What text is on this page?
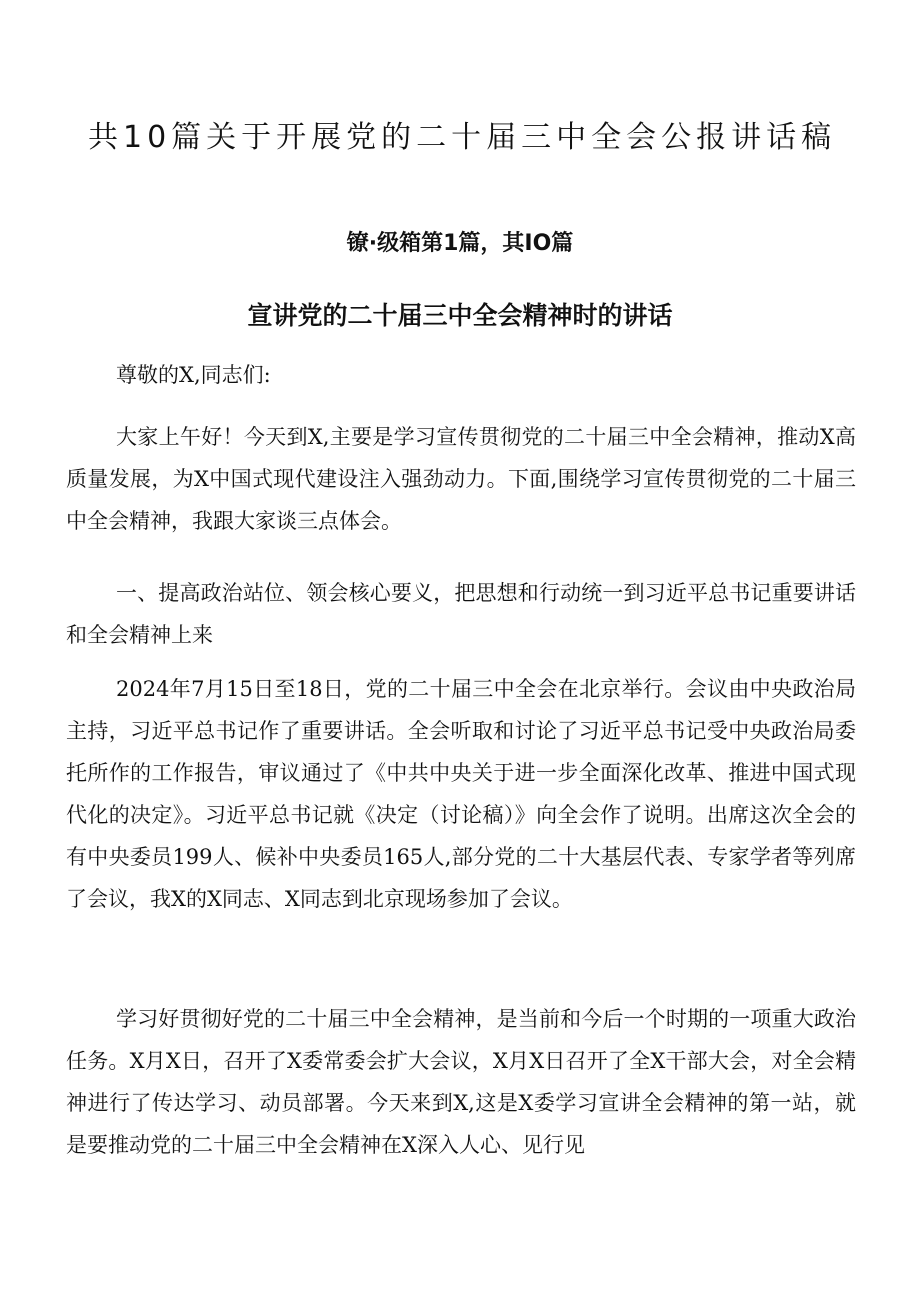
共10篇关于开展党的二十届三中全会公报讲话稿
镣·级箱第1篇，其IO篇
宣讲党的二十届三中全会精神时的讲话

尊敬的X,同志们:

大家上午好！今天到X,主要是学习宣传贯彻党的二十届三中全会精神，推动X高质量发展，为X中国式现代建设注入强劲动力。下面,围绕学习宣传贯彻党的二十届三中全会精神，我跟大家谈三点体会。

一、提高政治站位、领会核心要义，把思想和行动统一到习近平总书记重要讲话和全会精神上来

2024年7月15日至18日，党的二十届三中全会在北京举行。会议由中央政治局主持，习近平总书记作了重要讲话。全会听取和讨论了习近平总书记受中央政治局委托所作的工作报告，审议通过了《中共中央关于进一步全面深化改革、推进中国式现代化的决定》。习近平总书记就《决定（讨论稿）》向全会作了说明。出席这次全会的有中央委员199人、候补中央委员165人,部分党的二十大基层代表、专家学者等列席了会议，我X的X同志、X同志到北京现场参加了会议。

学习好贯彻好党的二十届三中全会精神，是当前和今后一个时期的一项重大政治任务。X月X日，召开了X委常委会扩大会议，X月X日召开了全X干部大会，对全会精神进行了传达学习、动员部署。今天来到X,这是X委学习宣讲全会精神的第一站，就是要推动党的二十届三中全会精神在X深入人心、见行见
